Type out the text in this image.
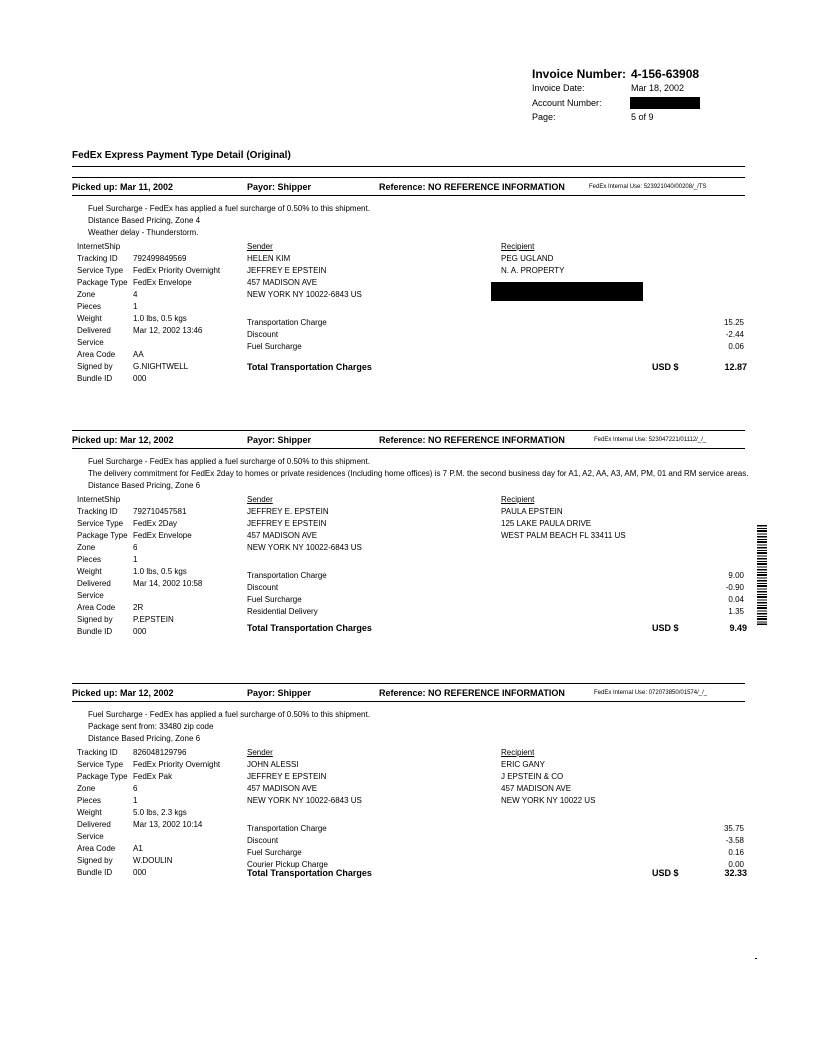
Invoice Number: 4-156-63908
Invoice Date:	Mar 18, 2002
Account Number:
Page:	5 of 9
FedEx Express Payment Type Detail (Original)
Picked up: Mar 11, 2002	Payor: Shipper	Reference: NO REFERENCE INFORMATION	FedEx Internal Use: 523921040/00208/_/TS
Fuel Surcharge - FedEx has applied a fuel surcharge of 0.50% to this shipment.
Distance Based Pricing, Zone 4
Weather delay - Thunderstorm.
InternetShip
Tracking ID 792499849569
Service Type FedEx Priority Overnight
Package Type FedEx Envelope
Zone	4
Pieces	1
Weight	1.0 lbs, 0.5 kgs
Delivered	Mar 12, 2002 13:46
Service
Area Code AA
Signed by	G.NIGHTWELL
Bundle ID	000
Sender
HELEN KIM
JEFFREY E EPSTEIN
457 MADISON AVE
NEW YORK NY 10022-6843 US
Recipient
PEG UGLAND
N. A. PROPERTY
Transportation Charge	15.25
Discount	-2.44
Fuel Surcharge	0.06
Total Transportation Charges	USD $	12.87
Picked up: Mar 12, 2002	Payor: Shipper	Reference: NO REFERENCE INFORMATION	FedEx Internal Use: 523047221/01112/_/_
Fuel Surcharge - FedEx has applied a fuel surcharge of 0.50% to this shipment.
The delivery commitment for FedEx 2day to homes or private residences (Including home offices) is 7 P.M. the second business day for A1, A2, AA, A3, AM, PM, 01 and RM service areas.
Distance Based Pricing, Zone 6
InternetShip
Tracking ID 792710457581
Service Type FedEx 2Day
Package Type FedEx Envelope
Zone	6
Pieces	1
Weight	1.0 lbs, 0.5 kgs
Delivered	Mar 14, 2002 10:58
Service
Area Code 2R
Signed by	P.EPSTEIN
Bundle ID	000
Sender
JEFFREY E. EPSTEIN
JEFFREY E EPSTEIN
457 MADISON AVE
NEW YORK NY 10022-6843 US
Recipient
PAULA EPSTEIN
125 LAKE PAULA DRIVE
WEST PALM BEACH FL 33411 US
Transportation Charge	9.00
Discount	-0.90
Fuel Surcharge	0.04
Residential Delivery	1.35
Total Transportation Charges	USD $	9.49
Picked up: Mar 12, 2002	Payor: Shipper	Reference: NO REFERENCE INFORMATION	FedEx Internal Use: 072073850/01574/_/_
Fuel Surcharge - FedEx has applied a fuel surcharge of 0.50% to this shipment.
Package sent from: 33480 zip code
Distance Based Pricing, Zone 6
Tracking ID 826048129796
Service Type FedEx Priority Overnight
Package Type FedEx Pak
Zone	6
Pieces	1
Weight	5.0 lbs, 2.3 kgs
Delivered	Mar 13, 2002 10:14
Service
Area Code A1
Signed by	W.DOULIN
Bundle ID	000
Sender
JOHN ALESSI
JEFFREY E EPSTEIN
457 MADISON AVE
NEW YORK NY 10022-6843 US
Recipient
ERIC GANY
J EPSTEIN & CO
457 MADISON AVE
NEW YORK NY 10022 US
Transportation Charge	35.75
Discount	-3.58
Fuel Surcharge	0.16
Courier Pickup Charge	0.00
Total Transportation Charges	USD $	32.33
